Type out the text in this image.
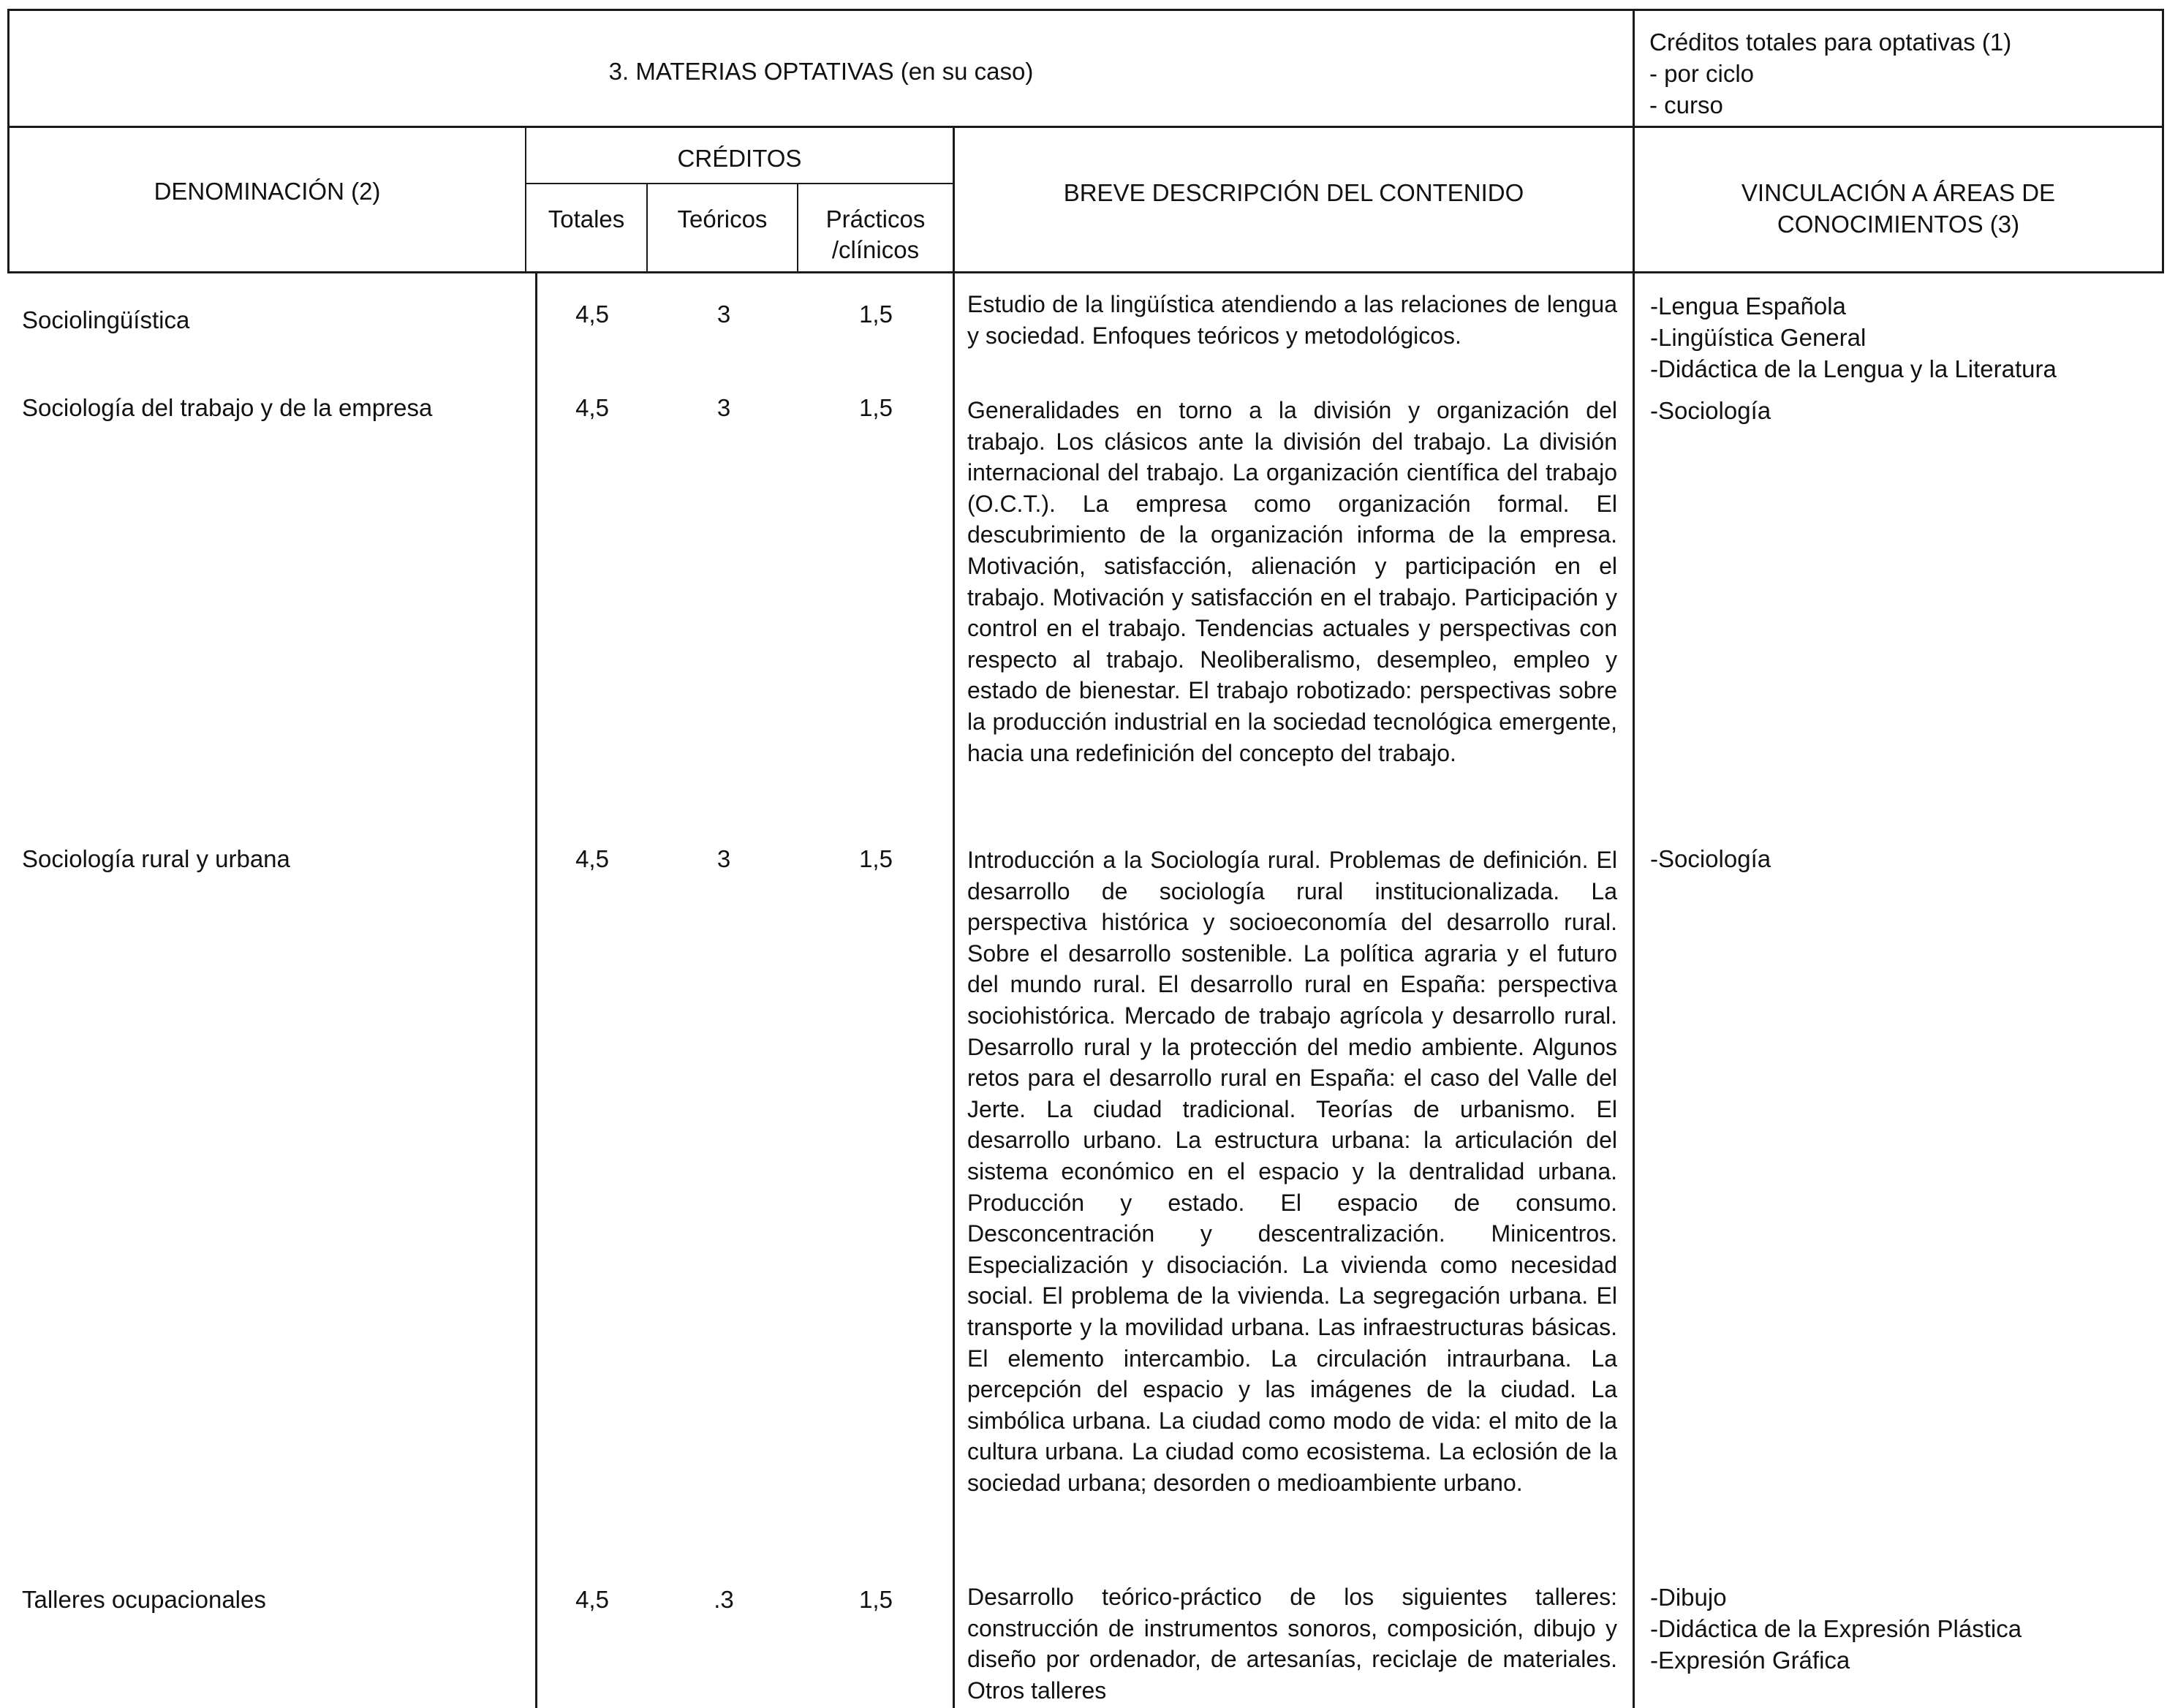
3. MATERIAS OPTATIVAS (en su caso)
Créditos totales para optativas (1)
- por ciclo
- curso
DENOMINACIÓN (2)
CRÉDITOS
Totales	Teóricos	Prácticos
/clínicos
BREVE DESCRIPCIÓN DEL CONTENIDO	VINCULACIÓN A ÁREAS DE
CONOCIMIENTOS (3)
Sociolingüística	4,5	3	1,5	Estudio de la lingüística atendiendo a las relaciones de lengua y sociedad. Enfoques teóricos y metodológicos.
-Lengua Española
-Lingüística General
-Didáctica de la Lengua y la Literatura
Sociología del trabajo y de la empresa	4,5	3	1,5	Generalidades en torno a la división y organización del trabajo. Los clásicos ante la división del trabajo. La división internacional del trabajo. La organización científica del trabajo (O.C.T.). La empresa como organización formal. El descubrimiento de la organización informa de la empresa. Motivación, satisfacción, alienación y participación en el trabajo. Motivación y satisfacción en el trabajo. Participación y control en el trabajo. Tendencias actuales y perspectivas con respecto al trabajo. Neoliberalismo, desempleo, empleo y estado de bienestar. El trabajo robotizado: perspectivas sobre la producción industrial en la sociedad tecnológica emergente, hacia una redefinición del concepto del trabajo.
-Sociología
Sociología rural y urbana	4,5	3	1,5	Introducción a la Sociología rural. Problemas de definición. El desarrollo de sociología rural institucionalizada. La perspectiva histórica y socioeconomía del desarrollo rural. Sobre el desarrollo sostenible. La política agraria y el futuro del mundo rural. El desarrollo rural en España: perspectiva sociohistórica. Mercado de trabajo agrícola y desarrollo rural. Desarrollo rural y la protección del medio ambiente. Algunos retos para el desarrollo rural en España: el caso del Valle del Jerte. La ciudad tradicional. Teorías de urbanismo. El desarrollo urbano. La estructura urbana: la articulación del sistema económico en el espacio y la dentralidad urbana. Producción y estado. El espacio de consumo. Desconcentración y descentralización. Minicentros. Especialización y disociación. La vivienda como necesidad social. El problema de la vivienda. La segregación urbana. El transporte y la movilidad urbana. Las infraestructuras básicas. El elemento intercambio. La circulación intraurbana. La percepción del espacio y las imágenes de la ciudad. La simbólica urbana. La ciudad como modo de vida: el mito de la cultura urbana. La ciudad como ecosistema. La eclosión de la sociedad urbana; desorden o medioambiente urbano.
-Sociología
Talleres ocupacionales	4,5	.3	1,5	Desarrollo teórico-práctico de los siguientes talleres: construcción de instrumentos sonoros, composición, dibujo y diseño por ordenador, de artesanías, reciclaje de materiales. Otros talleres
-Dibujo
-Didáctica de la Expresión Plástica
-Expresión Gráfica
